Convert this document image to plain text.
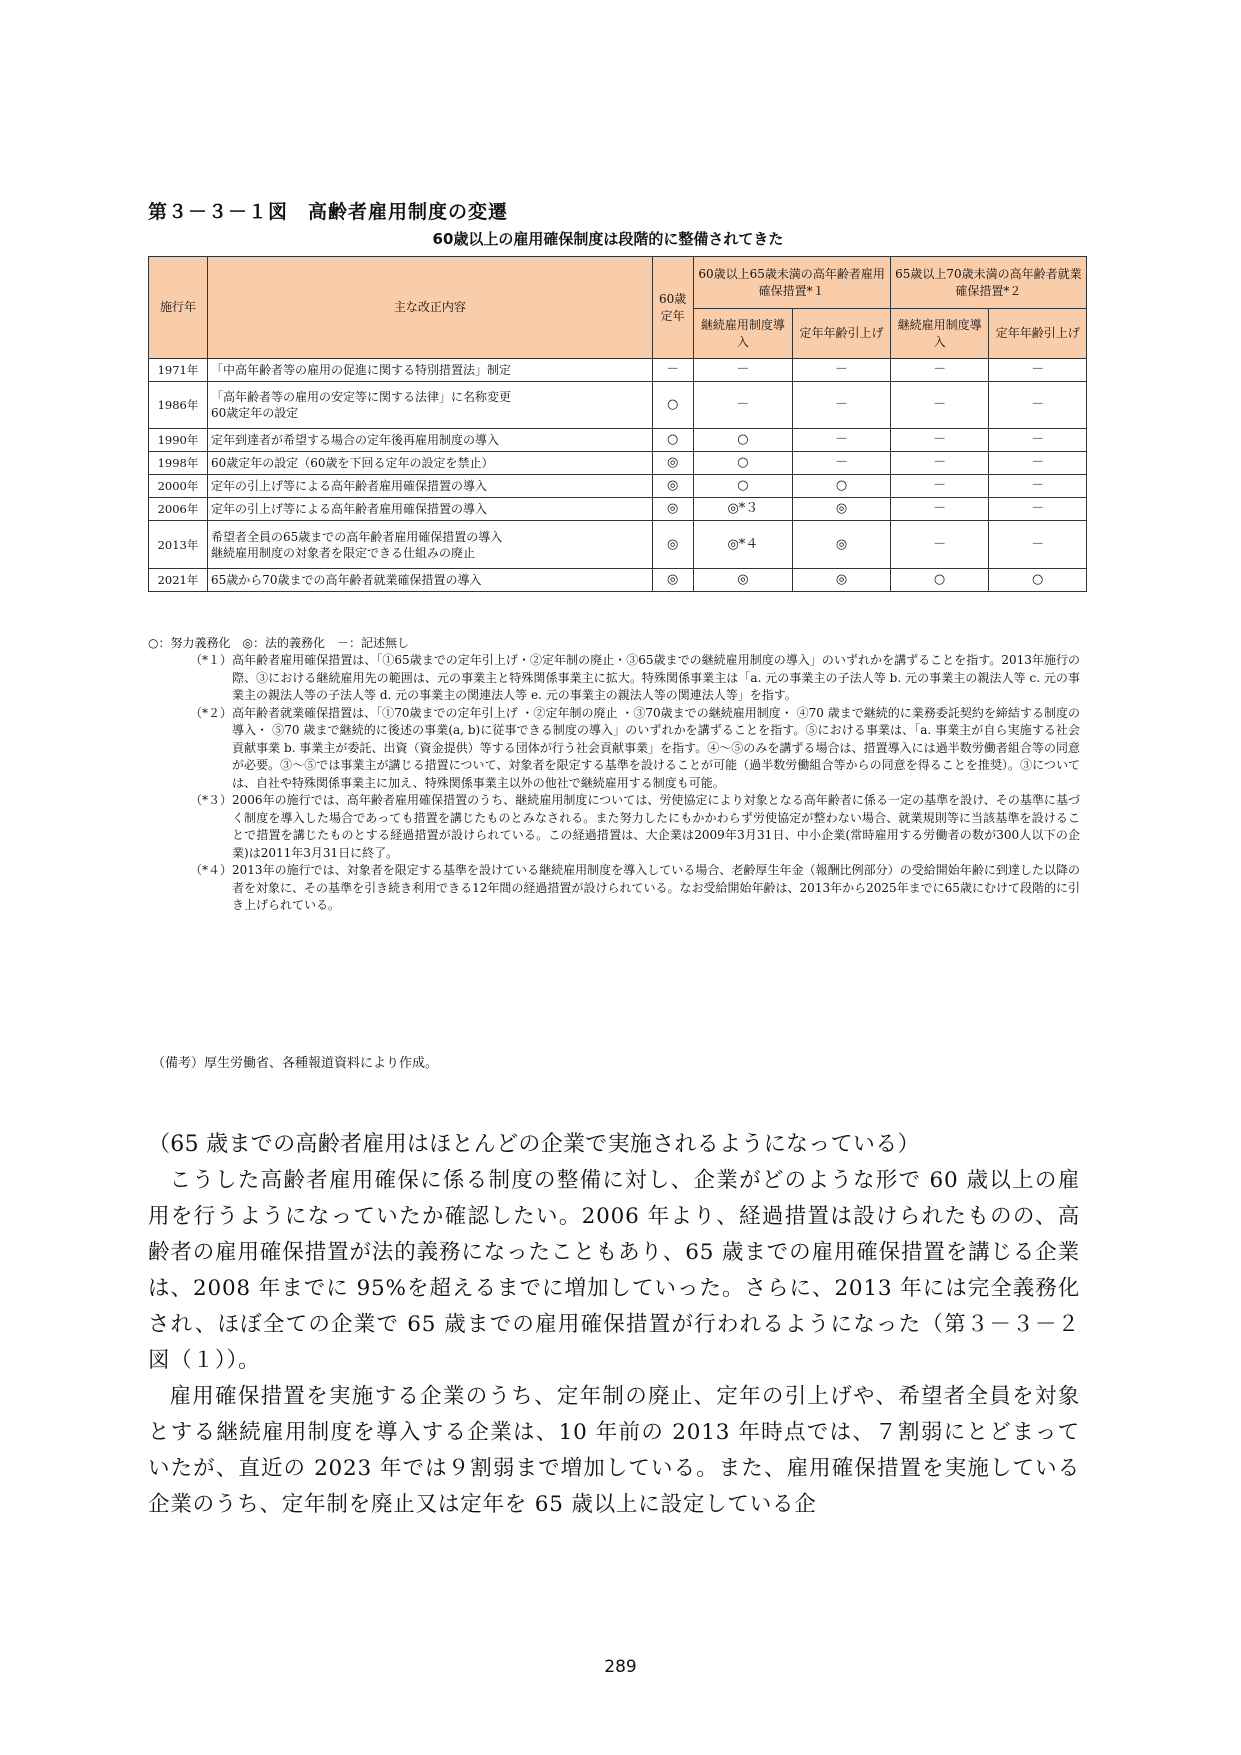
第３－３－１図　高齢者雇用制度の変遷
60歳以上の雇用確保制度は段階的に整備されてきた
施行年	主な改正内容	60歳定年	60歳以上65歳未満の高年齢者雇用確保措置*１		65歳以上70歳未満の高年齢者就業確保措置*２	
			継続雇用制度導入	定年年齢引上げ	継続雇用制度導入	定年年齢引上げ
1971年	「中高年齢者等の雇用の促進に関する特別措置法」制定	－	－	－	－	－
1986年	「高年齢者等の雇用の安定等に関する法律」に名称変更
60歳定年の設定	○	－	－	－	－
1990年	定年到達者が希望する場合の定年後再雇用制度の導入	○	○	－	－	－
1998年	60歳定年の設定（60歳を下回る定年の設定を禁止）	◎	○	－	－	－
2000年	定年の引上げ等による高年齢者雇用確保措置の導入	◎	○	○	－	－
2006年	定年の引上げ等による高年齢者雇用確保措置の導入	◎	◎*３	◎	－	－
2013年	希望者全員の65歳までの高年齢者雇用確保措置の導入
継続雇用制度の対象者を限定できる仕組みの廃止	◎	◎*４	◎	－	－
2021年	65歳から70歳までの高年齢者就業確保措置の導入	◎	◎	◎	○	○
○：努力義務化　◎：法的義務化　－：記述無し
（*１） 高年齢者雇用確保措置は、「①65歳までの定年引上げ・②定年制の廃止・③65歳までの継続雇用制度の導入」のいずれかを講ずることを指す。2013年施行の際、③における継続雇用先の範囲は、元の事業主と特殊関係事業主に拡大。特殊関係事業主は「a. 元の事業主の子法人等 b. 元の事業主の親法人等 c. 元の事業主の親法人等の子法人等 d. 元の事業主の関連法人等 e. 元の事業主の親法人等の関連法人等」を指す。
（*２） 高年齢者就業確保措置は、「①70歳までの定年引上げ ・②定年制の廃止 ・③70歳までの継続雇用制度・ ④70 歳まで継続的に業務委託契約を締結する制度の導入・ ⑤70 歳まで継続的に後述の事業(a, b)に従事できる制度の導入」のいずれかを講ずることを指す。⑤における事業は、「a. 事業主が自ら実施する社会貢献事業 b. 事業主が委託、出資（資金提供）等する団体が行う社会貢献事業」を指す。④～⑤のみを講ずる場合は、措置導入には過半数労働者組合等の同意が必要。③～⑤では事業主が講じる措置について、対象者を限定する基準を設けることが可能（過半数労働組合等からの同意を得ることを推奨）。③については、自社や特殊関係事業主に加え、特殊関係事業主以外の他社で継続雇用する制度も可能。
（*３） 2006年の施行では、高年齢者雇用確保措置のうち、継続雇用制度については、労使協定により対象となる高年齢者に係る一定の基準を設け、その基準に基づく制度を導入した場合であっても措置を講じたものとみなされる。また努力したにもかかわらず労使協定が整わない場合、就業規則等に当該基準を設けることで措置を講じたものとする経過措置が設けられている。この経過措置は、大企業は2009年3月31日、中小企業(常時雇用する労働者の数が300人以下の企業)は2011年3月31日に終了。
（*４） 2013年の施行では、対象者を限定する基準を設けている継続雇用制度を導入している場合、老齢厚生年金（報酬比例部分）の受給開始年齢に到達した以降の者を対象に、その基準を引き続き利用できる12年間の経過措置が設けられている。なお受給開始年齢は、2013年から2025年までに65歳にむけて段階的に引き上げられている。
（備考）厚生労働省、各種報道資料により作成。
（65 歳までの高齢者雇用はほとんどの企業で実施されるようになっている）

こうした高齢者雇用確保に係る制度の整備に対し、企業がどのような形で 60 歳以上の雇用を行うようになっていたか確認したい。2006 年より、経過措置は設けられたものの、高齢者の雇用確保措置が法的義務になったこともあり、65 歳までの雇用確保措置を講じる企業は、2008 年までに 95%を超えるまでに増加していった。さらに、2013 年には完全義務化され、ほぼ全ての企業で 65 歳までの雇用確保措置が行われるようになった（第３－３－２図（１））。

雇用確保措置を実施する企業のうち、定年制の廃止、定年の引上げや、希望者全員を対象とする継続雇用制度を導入する企業は、10 年前の 2013 年時点では、７割弱にとどまっていたが、直近の 2023 年では９割弱まで増加している。また、雇用確保措置を実施している企業のうち、定年制を廃止又は定年を 65 歳以上に設定している企

289
